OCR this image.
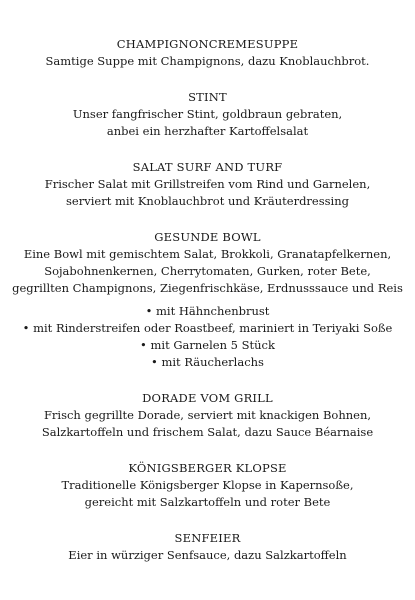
CHAMPIGNONCREMESUPPE
Samtige Suppe mit Champignons, dazu Knoblauchbrot.
STINT
Unser fangfrischer Stint, goldbraun gebraten,
anbei ein herzhafter Kartoffelsalat
SALAT SURF AND TURF
Frischer Salat mit Grillstreifen vom Rind und Garnelen,
serviert mit Knoblauchbrot und Kräuterdressing
GESUNDE BOWL
Eine Bowl mit gemischtem Salat, Brokkoli, Granatapfelkernen,
Sojabohnenkernen, Cherrytomaten, Gurken, roter Bete,
gegrillten Champignons, Ziegenfrischkäse, Erdnusssauce und Reis
• mit Hähnchenbrust
• mit Rinderstreifen oder Roastbeef, mariniert in Teriyaki Soße
• mit Garnelen 5 Stück
• mit Räucherlachs
DORADE VOM GRILL
Frisch gegrillte Dorade, serviert mit knackigen Bohnen,
Salzkartoffeln und frischem Salat, dazu Sauce Béarnaise
KÖNIGSBERGER KLOPSE
Traditionelle Königsberger Klopse in Kapernsoße,
gereicht mit Salzkartoffeln und roter Bete
SENFEIER
Eier in würziger Senfsauce, dazu Salzkartoffeln
